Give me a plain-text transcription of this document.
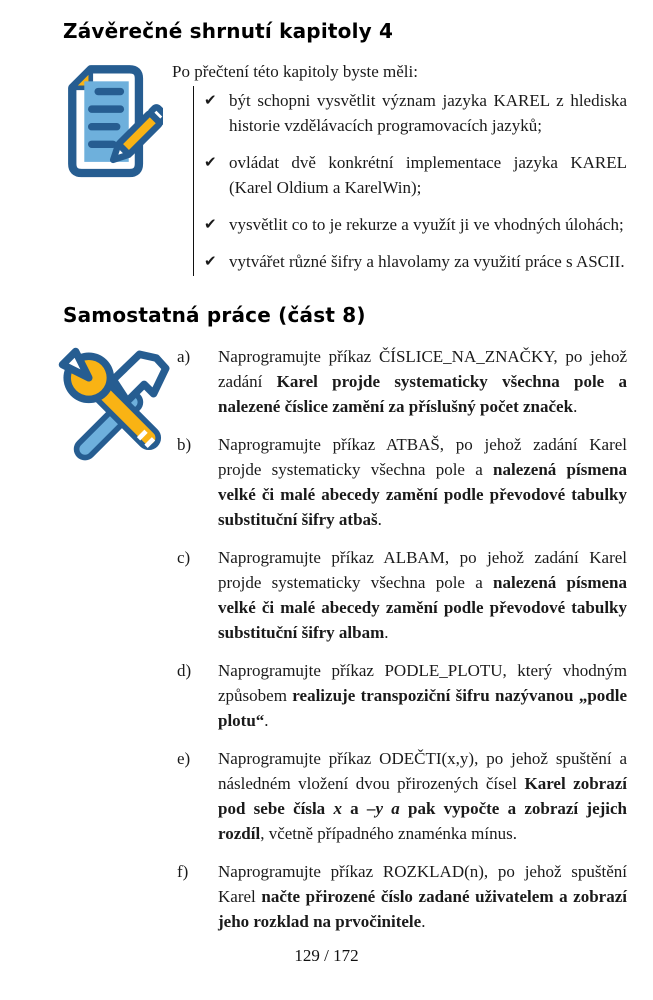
Závěrečné shrnutí kapitoly 4

Po přečtení této kapitoly byste měli:

✔ být schopni vysvětlit význam jazyka KAREL z hlediska historie vzdělávacích programovacích jazyků;
✔ ovládat dvě konkrétní implementace jazyka KAREL (Karel Oldium a KarelWin);
✔ vysvětlit co to je rekurze a využít ji ve vhodných úlohách;
✔ vytvářet různé šifry a hlavolamy za využití práce s ASCII.
Samostatná práce (část 8)
a)	Naprogramujte příkaz ČÍSLICE_NA_ZNAČKY, po jehož zadání Karel projde systematicky všechna pole a nalezené číslice zamění za příslušný počet značek.
b)	Naprogramujte příkaz ATBAŠ, po jehož zadání Karel projde systematicky všechna pole a nalezená písmena velké či malé abecedy zamění podle převodové tabulky substituční šifry atbaš.
c)	Naprogramujte příkaz ALBAM, po jehož zadání Karel projde systematicky všechna pole a nalezená písmena velké či malé abecedy zamění podle převodové tabulky substituční šifry albam.
d)	Naprogramujte příkaz PODLE_PLOTU, který vhodným způsobem realizuje transpoziční šifru nazývanou „podle plotu“.
e)	Naprogramujte příkaz ODEČTI(x,y), po jehož spuštění a následném vložení dvou přirozených čísel Karel zobrazí pod sebe čísla x a –y a pak vypočte a zobrazí jejich rozdíl, včetně případného znaménka mínus.
f)	Naprogramujte příkaz ROZKLAD(n), po jehož spuštění Karel načte přirozené číslo zadané uživatelem a zobrazí jeho rozklad na prvočinitele.
129 / 172
